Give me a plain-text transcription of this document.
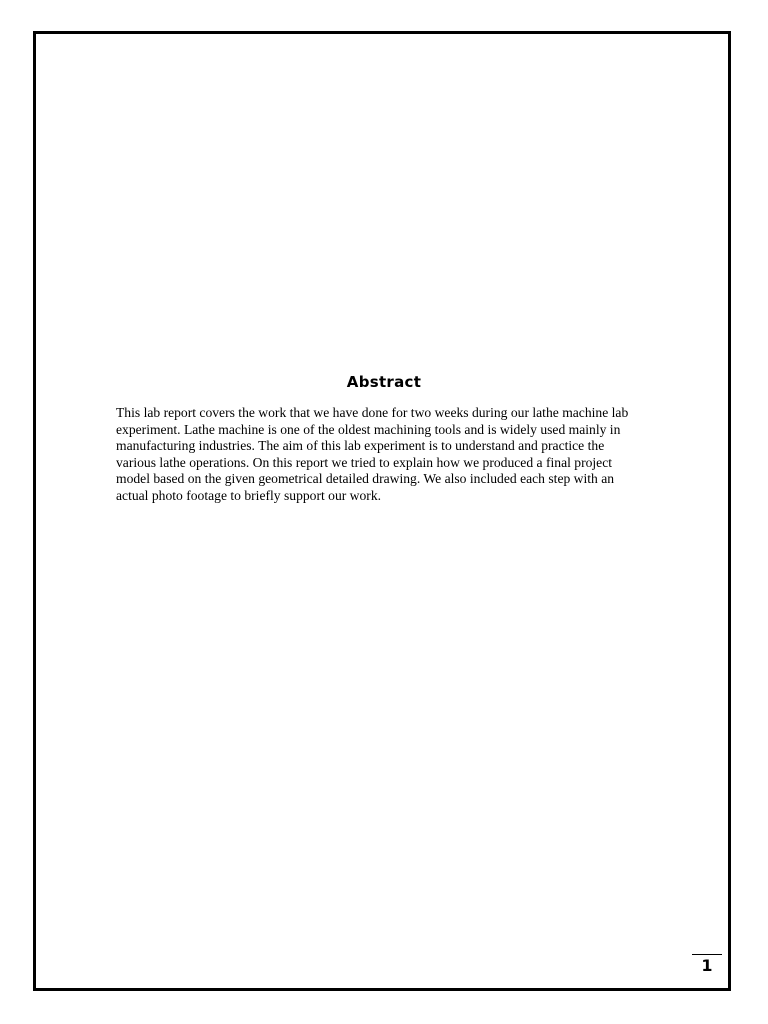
Abstract

This lab report covers the work that we have done for two weeks during our lathe machine lab
experiment. Lathe machine is one of the oldest machining tools and is widely used mainly in
manufacturing industries. The aim of this lab experiment is to understand and practice the
various lathe operations. On this report we tried to explain how we produced a final project
model based on the given geometrical detailed drawing. We also included each step with an
actual photo footage to briefly support our work.

1
